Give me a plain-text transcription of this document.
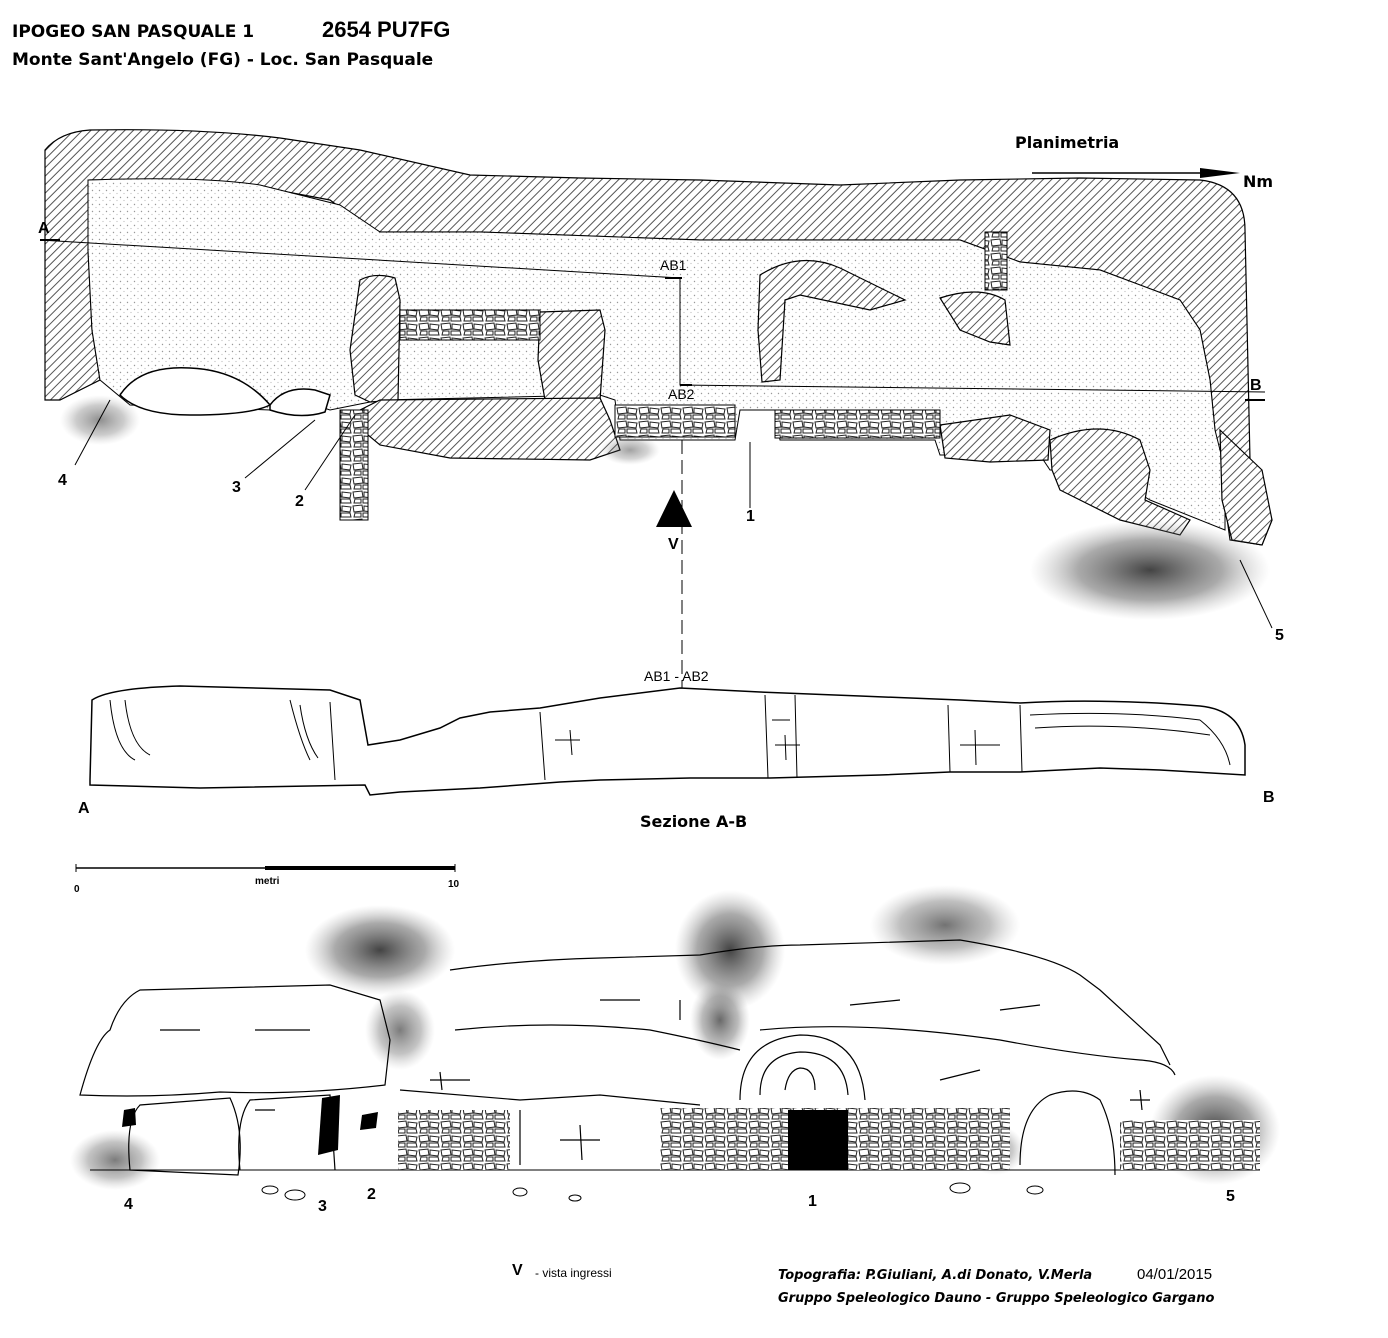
IPOGEO SAN PASQUALE 1	2654 PU7FG
Monte Sant'Angelo (FG) - Loc. San Pasquale
Planimetria
Nm
A
B
AB1
AB2
4	3
2
1
5
V
AB1 - AB2
A
B
Sezione A-B
metri
0	10
4	3
2	1	5
V - vista ingressi	Topografia: P.Giuliani, A.di Donato, V.Merla	04/01/2015
Gruppo Speleologico Dauno - Gruppo Speleologico Gargano
